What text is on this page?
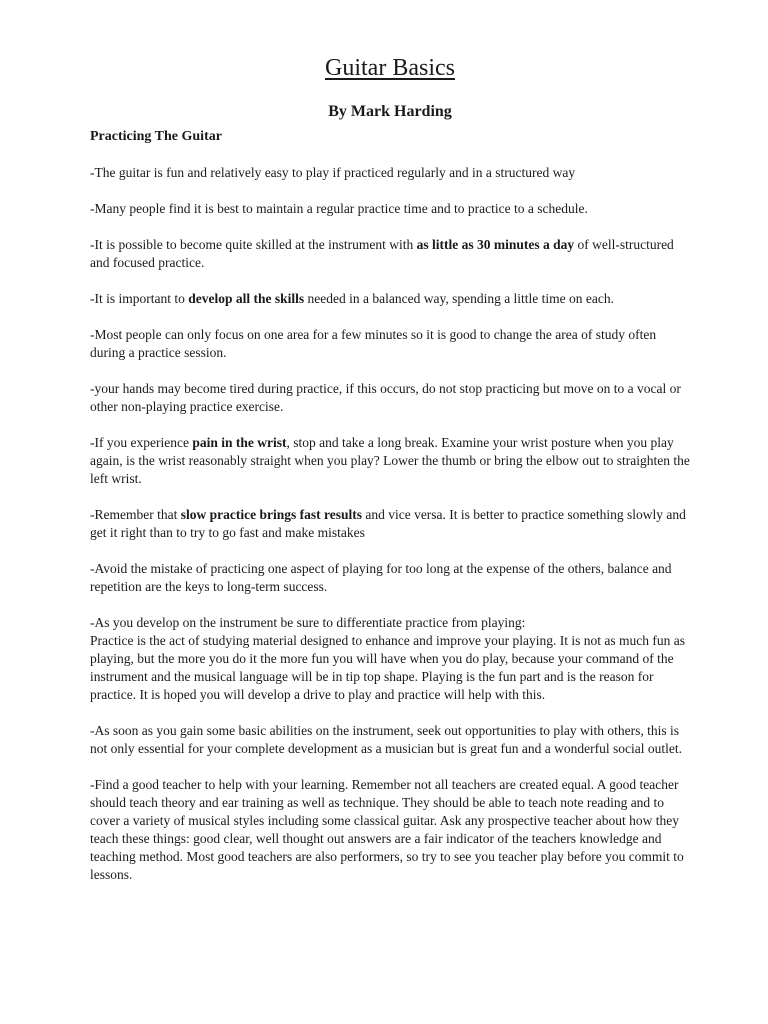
Guitar Basics

By Mark Harding

Practicing The Guitar

-The guitar is fun and relatively easy to play if practiced regularly and in a structured way

-Many people find it is best to maintain a regular practice time and to practice to a schedule.

-It is possible to become quite skilled at the instrument with as little as 30 minutes a day of well-structured and focused practice.

-It is important to develop all the skills needed in a balanced way, spending a little time on each.

-Most people can only focus on one area for a few minutes so it is good to change the area of study often during a practice session.

-your hands may become tired during practice, if this occurs, do not stop practicing but move on to a vocal or other non-playing practice exercise.

-If you experience pain in the wrist, stop and take a long break. Examine your wrist posture when you play again, is the wrist reasonably straight when you play? Lower the thumb or bring the elbow out to straighten the left wrist.

-Remember that slow practice brings fast results and vice versa. It is better to practice something slowly and get it right than to try to go fast and make mistakes

-Avoid the mistake of practicing one aspect of playing for too long at the expense of the others, balance and repetition are the keys to long-term success.

-As you develop on the instrument be sure to differentiate practice from playing:
Practice is the act of studying material designed to enhance and improve your playing. It is not as much fun as playing, but the more you do it the more fun you will have when you do play, because your command of the instrument and the musical language will be in tip top shape. Playing is the fun part and is the reason for practice. It is hoped you will develop a drive to play and practice will help with this.

-As soon as you gain some basic abilities on the instrument, seek out opportunities to play with others, this is not only essential for your complete development as a musician but is great fun and a wonderful social outlet.

-Find a good teacher to help with your learning. Remember not all teachers are created equal. A good teacher should teach theory and ear training as well as technique. They should be able to teach note reading and to cover a variety of musical styles including some classical guitar. Ask any prospective teacher about how they teach these things: good clear, well thought out answers are a fair indicator of the teachers knowledge and teaching method. Most good teachers are also performers, so try to see you teacher play before you commit to lessons.
